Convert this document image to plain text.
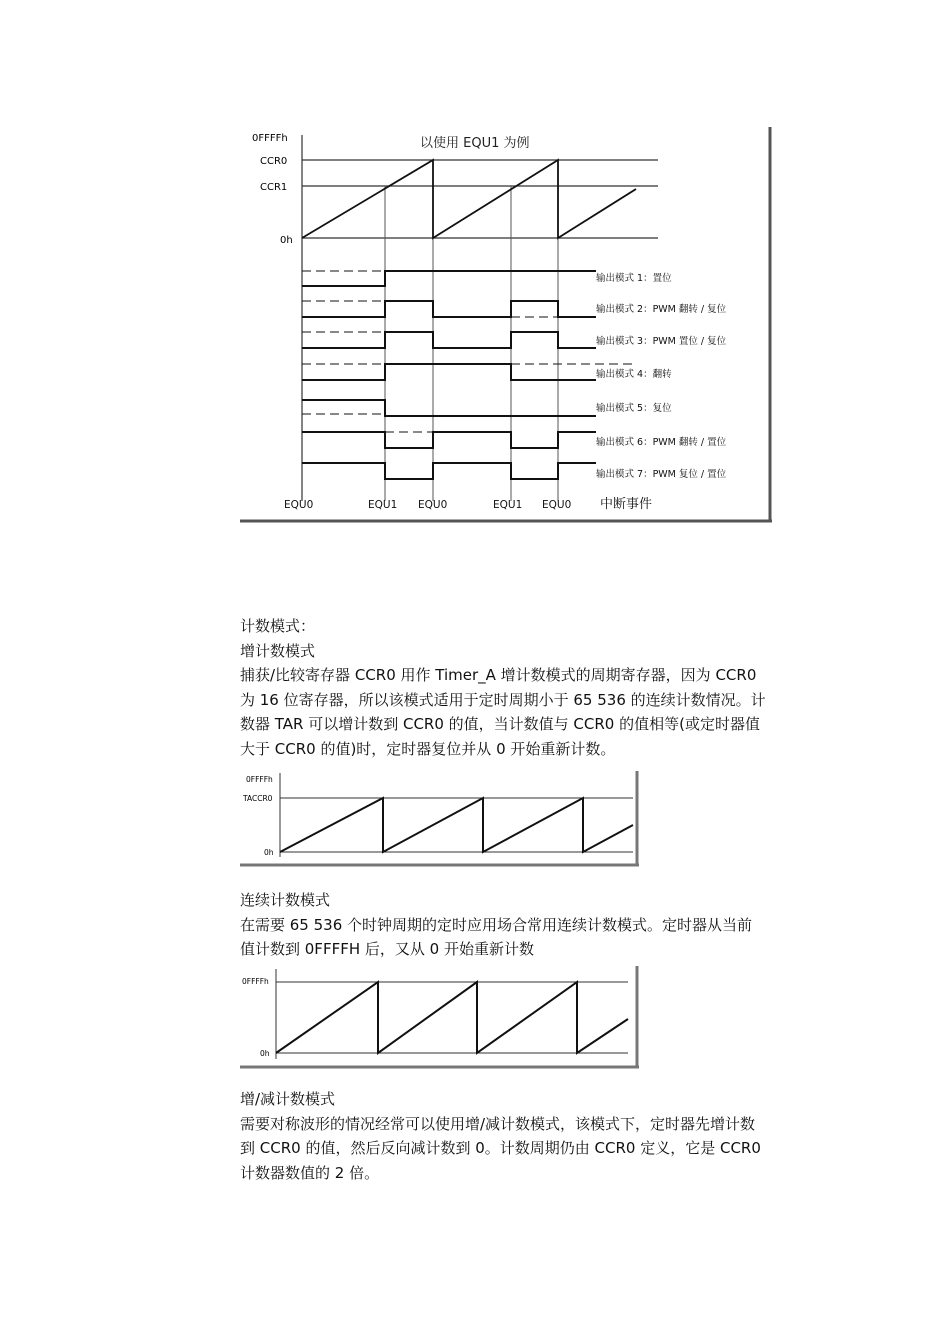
以使用 EQU1 为例
0FFFFh
CCR0
CCR1
0h
输出模式 1：置位
输出模式 2：PWM 翻转 / 复位
输出模式 3：PWM 置位 / 复位
输出模式 4：翻转
输出模式 5：复位
输出模式 6：PWM 翻转 / 置位
输出模式 7：PWM 复位 / 置位
EQU0	EQU1 EQU0	EQU1 EQU0 中断事件

计数模式：

增计数模式

捕获/比较寄存器 CCR0 用作 Timer_A 增计数模式的周期寄存器，因为 CCR0

为 16 位寄存器，所以该模式适用于定时周期小于 65 536 的连续计数情况。计

数器 TAR 可以增计数到 CCR0 的值，当计数值与 CCR0 的值相等(或定时器值

大于 CCR0 的值)时，定时器复位并从 0 开始重新计数。

0FFFFh
TACCR0
0h

连续计数模式

在需要 65 536 个时钟周期的定时应用场合常用连续计数模式。定时器从当前

值计数到 0FFFFH 后，又从 0 开始重新计数

0FFFFh
0h

增/减计数模式

需要对称波形的情况经常可以使用增/减计数模式，该模式下，定时器先增计数

到 CCR0 的值，然后反向减计数到 0。计数周期仍由 CCR0 定义，它是 CCR0

计数器数值的 2 倍。
